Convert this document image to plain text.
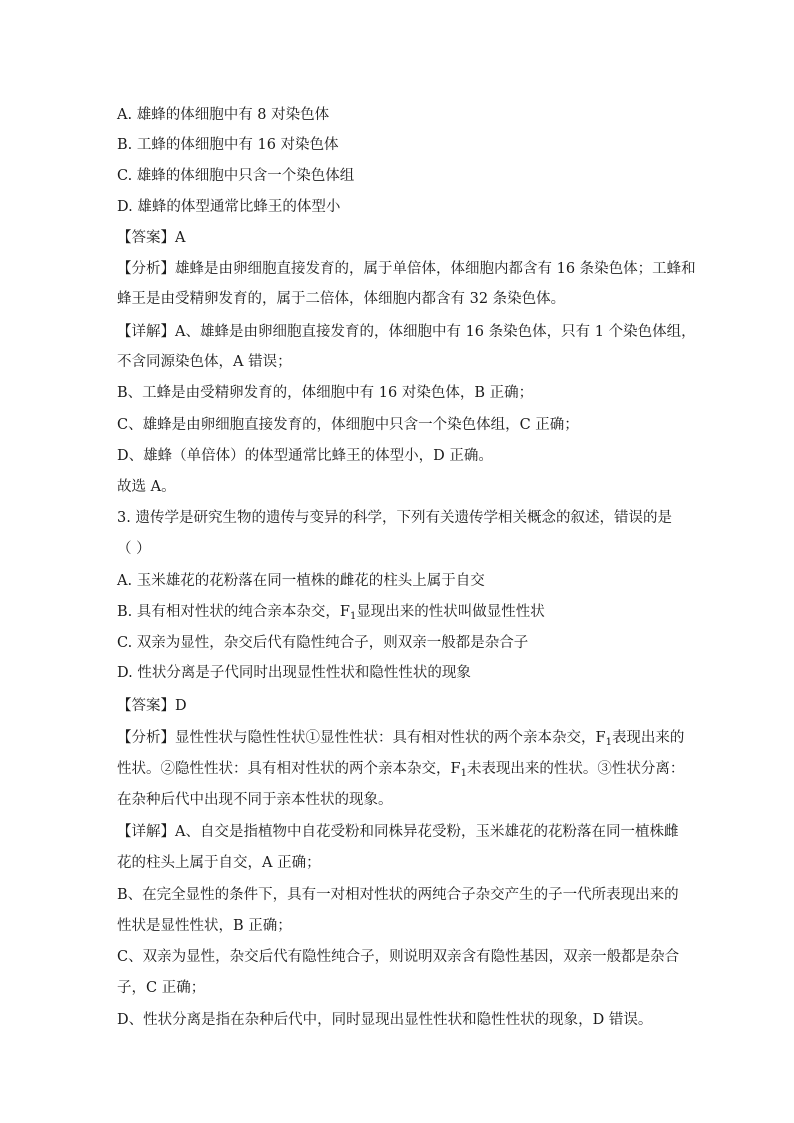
A. 雄蜂的体细胞中有 8 对染色体
B. 工蜂的体细胞中有 16 对染色体
C. 雄蜂的体细胞中只含一个染色体组
D. 雄蜂的体型通常比蜂王的体型小
【答案】A
【分析】雄蜂是由卵细胞直接发育的，属于单倍体，体细胞内都含有 16 条染色体；工蜂和
蜂王是由受精卵发育的，属于二倍体，体细胞内都含有 32 条染色体。
【详解】A、雄蜂是由卵细胞直接发育的，体细胞中有 16 条染色体，只有 1 个染色体组，
不含同源染色体，A 错误；
B、工蜂是由受精卵发育的，体细胞中有 16 对染色体，B 正确；
C、雄蜂是由卵细胞直接发育的，体细胞中只含一个染色体组，C 正确；
D、雄蜂（单倍体）的体型通常比蜂王的体型小，D 正确。
故选 A。
3. 遗传学是研究生物的遗传与变异的科学，下列有关遗传学相关概念的叙述，错误的是
（ ）
A. 玉米雄花的花粉落在同一植株的雌花的柱头上属于自交
B. 具有相对性状的纯合亲本杂交，$F_1$显现出来的性状叫做显性性状
C. 双亲为显性，杂交后代有隐性纯合子，则双亲一般都是杂合子
D. 性状分离是子代同时出现显性性状和隐性性状的现象
【答案】D
【分析】显性性状与隐性性状①显性性状：具有相对性状的两个亲本杂交，$F_1$表现出来的
性状。②隐性性状：具有相对性状的两个亲本杂交，$F_1$未表现出来的性状。③性状分离：
在杂种后代中出现不同于亲本性状的现象。
【详解】A、自交是指植物中自花受粉和同株异花受粉，玉米雄花的花粉落在同一植株雌
花的柱头上属于自交，A 正确；
B、在完全显性的条件下，具有一对相对性状的两纯合子杂交产生的子一代所表现出来的
性状是显性性状，B 正确；
C、双亲为显性，杂交后代有隐性纯合子，则说明双亲含有隐性基因，双亲一般都是杂合
子，C 正确；
D、性状分离是指在杂种后代中，同时显现出显性性状和隐性性状的现象，D 错误。
